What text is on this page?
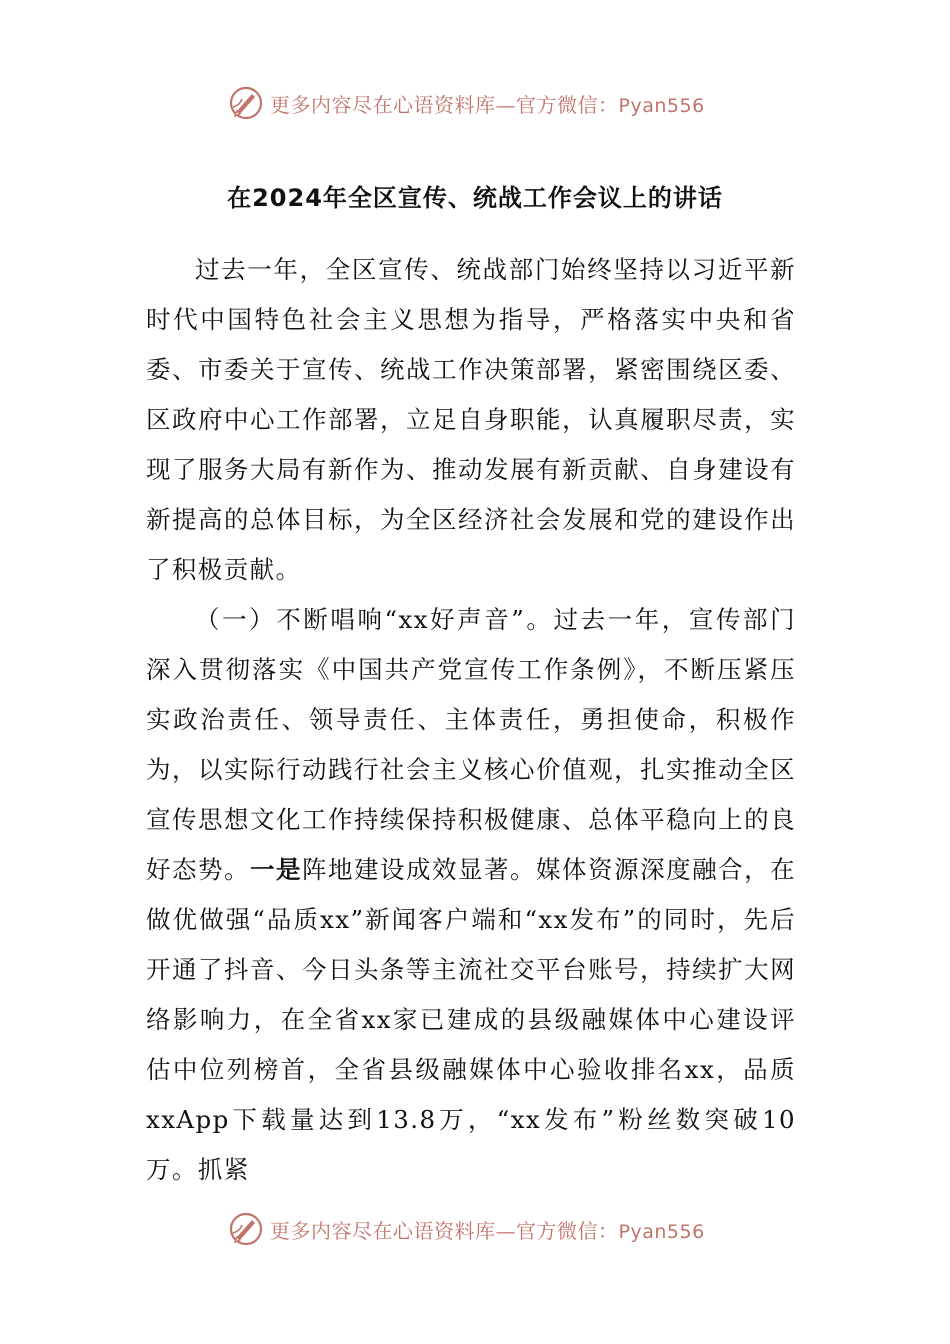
更多内容尽在心语资料库—官方微信：Pyan556
在2024年全区宣传、统战工作会议上的讲话

过去一年，全区宣传、统战部门始终坚持以习近平新时代中国特色社会主义思想为指导，严格落实中央和省委、市委关于宣传、统战工作决策部署，紧密围绕区委、区政府中心工作部署，立足自身职能，认真履职尽责，实现了服务大局有新作为、推动发展有新贡献、自身建设有新提高的总体目标，为全区经济社会发展和党的建设作出了积极贡献。

（一）不断唱响“xx好声音”。过去一年，宣传部门深入贯彻落实《中国共产党宣传工作条例》，不断压紧压实政治责任、领导责任、主体责任，勇担使命，积极作为，以实际行动践行社会主义核心价值观，扎实推动全区宣传思想文化工作持续保持积极健康、总体平稳向上的良好态势。一是阵地建设成效显著。媒体资源深度融合，在做优做强“品质xx”新闻客户端和“xx发布”的同时，先后开通了抖音、今日头条等主流社交平台账号，持续扩大网络影响力，在全省xx家已建成的县级融媒体中心建设评估中位列榜首，全省县级融媒体中心验收排名xx，品质xxApp下载量达到13.8万，“xx发布”粉丝数突破10万。抓紧

更多内容尽在心语资料库—官方微信：Pyan556
